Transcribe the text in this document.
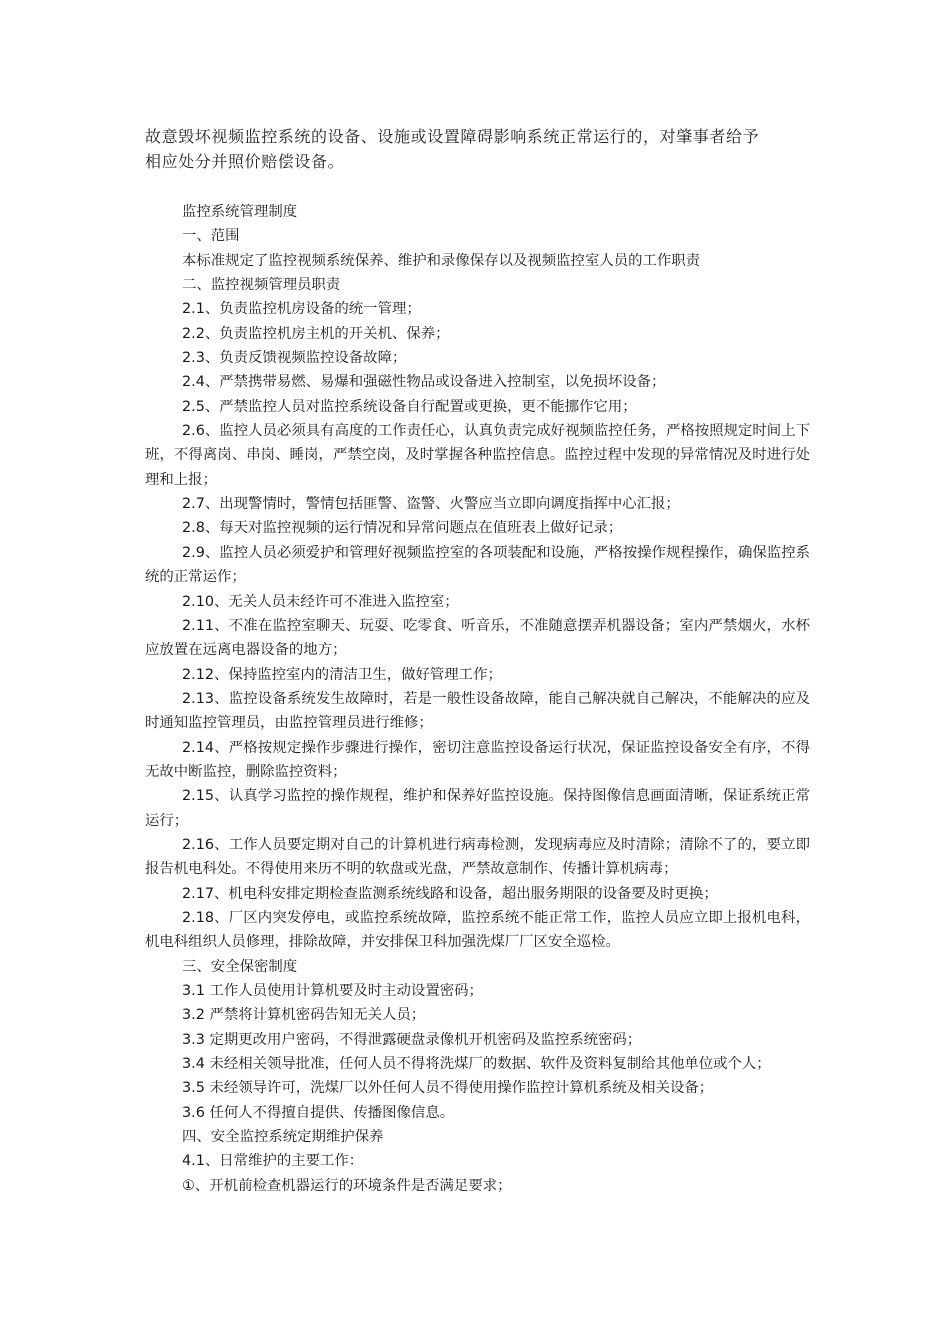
故意毁坏视频监控系统的设备、设施或设置障碍影响系统正常运行的，对肇事者给予

相应处分并照价赔偿设备。

监控系统管理制度

一、范围

本标准规定了监控视频系统保养、维护和录像保存以及视频监控室人员的工作职责

二、监控视频管理员职责

2.1、负责监控机房设备的统一管理；

2.2、负责监控机房主机的开关机、保养；

2.3、负责反馈视频监控设备故障；

2.4、严禁携带易燃、易爆和强磁性物品或设备进入控制室，以免损坏设备；

2.5、严禁监控人员对监控系统设备自行配置或更换，更不能挪作它用；

2.6、监控人员必须具有高度的工作责任心，认真负责完成好视频监控任务，严格按照规定时间上下班，不得离岗、串岗、睡岗，严禁空岗，及时掌握各种监控信息。监控过程中发现的异常情况及时进行处理和上报；

2.7、出现警情时，警情包括匪警、盗警、火警应当立即向调度指挥中心汇报；

2.8、每天对监控视频的运行情况和异常问题点在值班表上做好记录；

2.9、监控人员必须爱护和管理好视频监控室的各项装配和设施，严格按操作规程操作，确保监控系统的正常运作；

2.10、无关人员未经许可不准进入监控室；

2.11、不准在监控室聊天、玩耍、吃零食、听音乐，不准随意摆弄机器设备；室内严禁烟火，水杯应放置在远离电器设备的地方；

2.12、保持监控室内的清洁卫生，做好管理工作；

2.13、监控设备系统发生故障时，若是一般性设备故障，能自己解决就自己解决，不能解决的应及时通知监控管理员，由监控管理员进行维修；

2.14、严格按规定操作步骤进行操作，密切注意监控设备运行状况，保证监控设备安全有序，不得无故中断监控，删除监控资料；

2.15、认真学习监控的操作规程，维护和保养好监控设施。保持图像信息画面清晰，保证系统正常运行；

2.16、工作人员要定期对自己的计算机进行病毒检测，发现病毒应及时清除；清除不了的，要立即报告机电科处。不得使用来历不明的软盘或光盘，严禁故意制作、传播计算机病毒；

2.17、机电科安排定期检查监测系统线路和设备，超出服务期限的设备要及时更换；

2.18、厂区内突发停电，或监控系统故障，监控系统不能正常工作，监控人员应立即上报机电科，机电科组织人员修理，排除故障，并安排保卫科加强洗煤厂厂区安全巡检。

三、安全保密制度

3.1 工作人员使用计算机要及时主动设置密码；

3.2 严禁将计算机密码告知无关人员；

3.3 定期更改用户密码，不得泄露硬盘录像机开机密码及监控系统密码；

3.4 未经相关领导批准，任何人员不得将洗煤厂的数据、软件及资料复制给其他单位或个人；

3.5 未经领导许可，洗煤厂以外任何人员不得使用操作监控计算机系统及相关设备；

3.6 任何人不得擅自提供、传播图像信息。

四、安全监控系统定期维护保养

4.1、日常维护的主要工作：

①、开机前检查机器运行的环境条件是否满足要求；
